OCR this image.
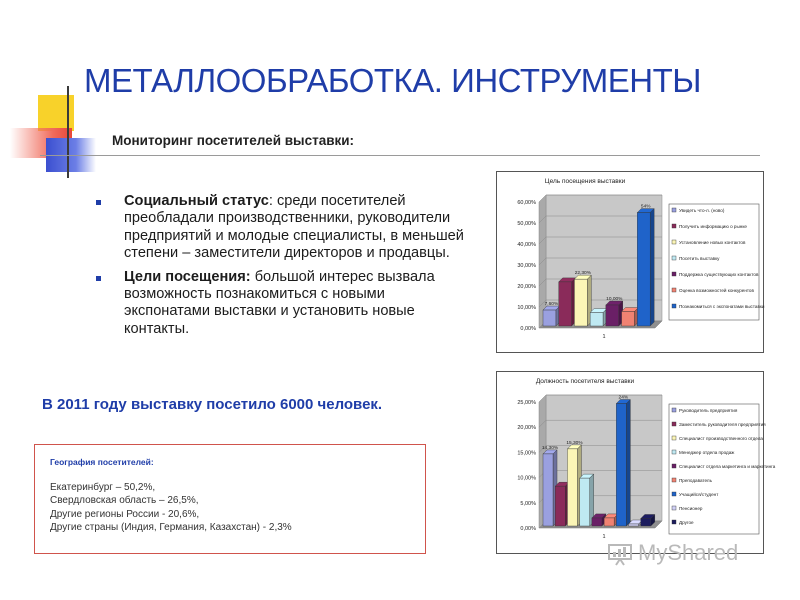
МЕТАЛЛООБРАБОТКА. ИНСТРУМЕНТЫ
Мониторинг посетителей выставки:
Социальный статус: среди посетителей преобладали производственники, руководители предприятий и молодые специалисты, в меньшей степени – заместители директоров и продавцы.
Цели посещения: большой интерес вызвала возможность познакомиться с новыми экспонатами выставки и установить новые контакты.
В 2011 году выставку посетило 6000 человек.
География посетителей:
Екатеринбург – 50,2%,
Свердловская область – 26,5%,
Другие регионы России - 20,6%,
Другие страны (Индия, Германия, Казахстан) - 2,3%
Цель посещения выставки
0,00%
10,00%
20,00%
30,00%
40,00%
50,00%
60,00%
1
7,60%
22,30%
10,00%
54%
Увидеть что-л. (ново)
Получить информацию о рынке
Установление новых контактов
Посетить выставку
Поддержка существующих контактов
Оценка возможностей конкурентов
Познакомиться с экспонатами выставки
Должность посетителя выставки
0,00%
5,00%
10,00%
15,00%
20,00%
25,00%
1
14,30%
15,30%
24%
Руководитель предприятия
Заместитель руководителя предприятия
Специалист производственного отдела
Менеджер отдела продаж
Специалист отдела маркетинга и маркетинга
Преподаватель
Учащийся/студент
Пенсионер
Другое
MyShared
